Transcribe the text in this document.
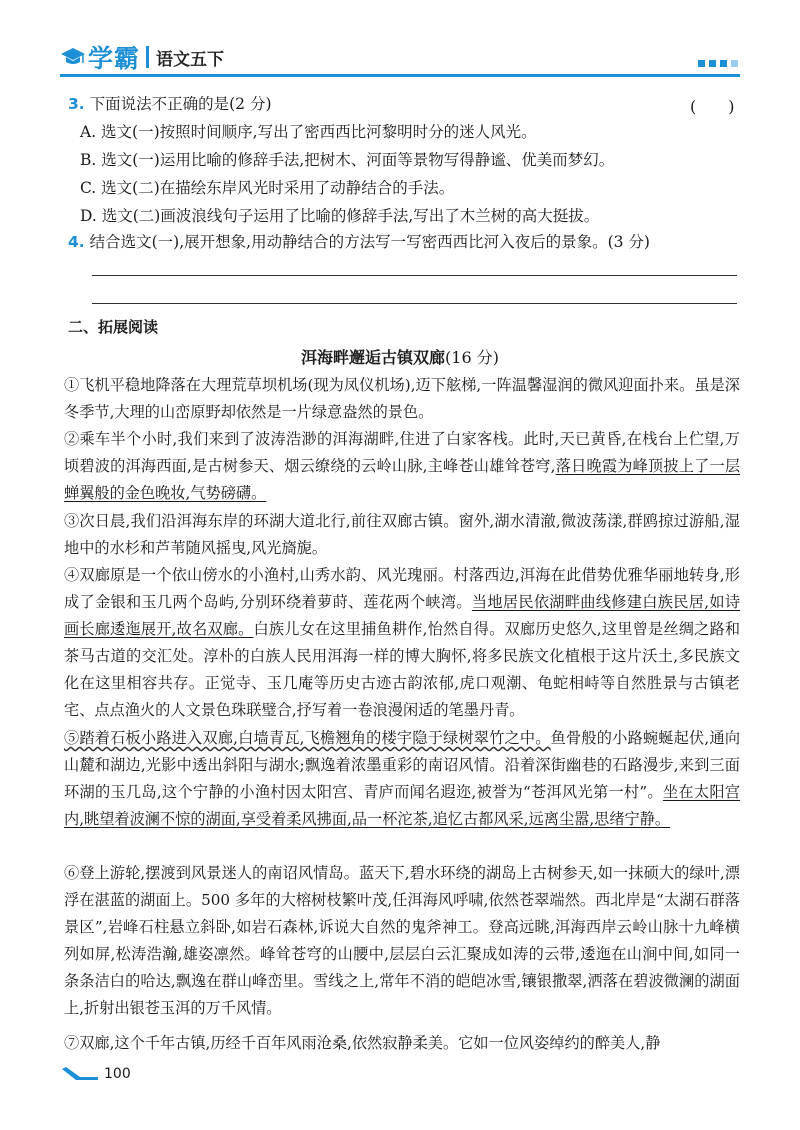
学霸 语文五下
3. 下面说法不正确的是(2 分)	(　　)
A. 选文(一)按照时间顺序,写出了密西西比河黎明时分的迷人风光。
B. 选文(一)运用比喻的修辞手法,把树木、河面等景物写得静谧、优美而梦幻。
C. 选文(二)在描绘东岸风光时采用了动静结合的手法。
D. 选文(二)画波浪线句子运用了比喻的修辞手法,写出了木兰树的高大挺拔。
4. 结合选文(一),展开想象,用动静结合的方法写一写密西西比河入夜后的景象。(3 分)
二、拓展阅读
洱海畔邂逅古镇双廊(16 分)
①飞机平稳地降落在大理荒草坝机场(现为凤仪机场),迈下舷梯,一阵温馨湿润的微风迎面扑来。虽是深冬季节,大理的山峦原野却依然是一片绿意盎然的景色。
②乘车半个小时,我们来到了波涛浩渺的洱海湖畔,住进了白家客栈。此时,天已黄昏,在栈台上伫望,万顷碧波的洱海西面,是古树参天、烟云缭绕的云岭山脉,主峰苍山雄耸苍穹,落日晚霞为峰顶披上了一层蝉翼般的金色晚妆,气势磅礴。
③次日晨,我们沿洱海东岸的环湖大道北行,前往双廊古镇。窗外,湖水清澈,微波荡漾,群鸥掠过游船,湿地中的水杉和芦苇随风摇曳,风光旖旎。
④双廊原是一个依山傍水的小渔村,山秀水韵、风光瑰丽。村落西边,洱海在此借势优雅华丽地转身,形成了金银和玉几两个岛屿,分别环绕着萝莳、莲花两个峡湾。当地居民依湖畔曲线修建白族民居,如诗画长廊逶迤展开,故名双廊。白族儿女在这里捕鱼耕作,怡然自得。双廊历史悠久,这里曾是丝绸之路和茶马古道的交汇处。淳朴的白族人民用洱海一样的博大胸怀,将多民族文化植根于这片沃土,多民族文化在这里相容共存。正觉寺、玉几庵等历史古迹古韵浓郁,虎口观潮、龟蛇相峙等自然胜景与古镇老宅、点点渔火的人文景色珠联璧合,抒写着一卷浪漫闲适的笔墨丹青。
⑤踏着石板小路进入双廊,白墙青瓦,飞檐翘角的楼宇隐于绿树翠竹之中。鱼骨般的小路蜿蜒起伏,通向山麓和湖边,光影中透出斜阳与湖水;飘逸着浓墨重彩的南诏风情。沿着深街幽巷的石路漫步,来到三面环湖的玉几岛,这个宁静的小渔村因太阳宫、青庐而闻名遐迩,被誉为“苍洱风光第一村”。坐在太阳宫内,眺望着波澜不惊的湖面,享受着柔风拂面,品一杯沱茶,追忆古都风采,远离尘嚣,思绪宁静。
⑥登上游轮,摆渡到风景迷人的南诏风情岛。蓝天下,碧水环绕的湖岛上古树参天,如一抹硕大的绿叶,漂浮在湛蓝的湖面上。500 多年的大榕树枝繁叶茂,任洱海风呼啸,依然苍翠端然。西北岸是“太湖石群落景区”,岩峰石柱悬立斜卧,如岩石森林,诉说大自然的鬼斧神工。登高远眺,洱海西岸云岭山脉十九峰横列如屏,松涛浩瀚,雄姿凛然。峰耸苍穹的山腰中,层层白云汇聚成如涛的云带,逶迤在山涧中间,如同一条条洁白的哈达,飘逸在群山峰峦里。雪线之上,常年不消的皑皑冰雪,镶银撒翠,洒落在碧波微澜的湖面上,折射出银苍玉洱的万千风情。
⑦双廊,这个千年古镇,历经千百年风雨沧桑,依然寂静柔美。它如一位风姿绰约的醉美人,静
100
